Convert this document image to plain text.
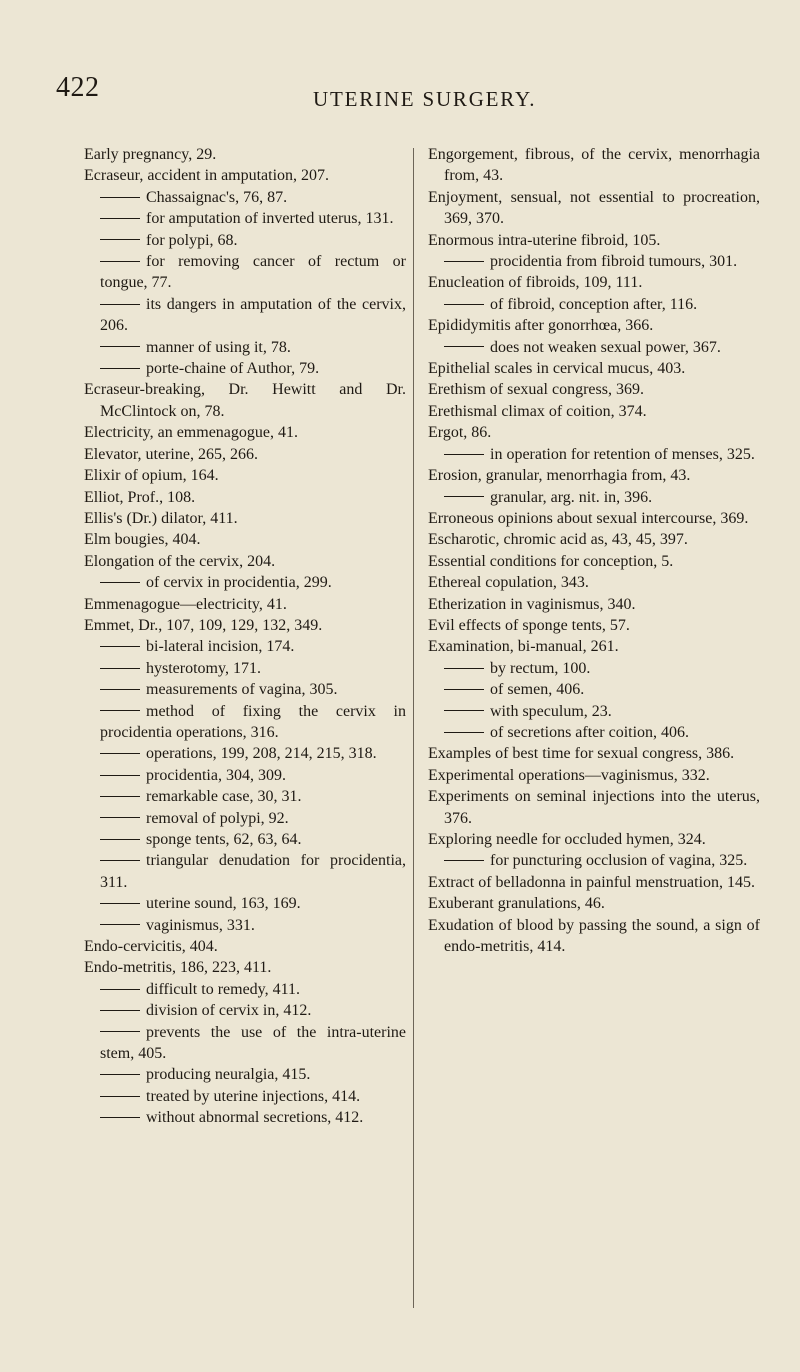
422	UTERINE SURGERY.
Early pregnancy, 29.
Ecraseur, accident in amputation, 207.
Chassaignac's, 76, 87.
for amputation of inverted uterus, 131.
for polypi, 68.
for removing cancer of rectum or tongue, 77.
its dangers in amputation of the cervix, 206.
manner of using it, 78.
porte-chaine of Author, 79.
Ecraseur-breaking, Dr. Hewitt and Dr. McClintock on, 78.
Electricity, an emmenagogue, 41.
Elevator, uterine, 265, 266.
Elixir of opium, 164.
Elliot, Prof., 108.
Ellis's (Dr.) dilator, 411.
Elm bougies, 404.
Elongation of the cervix, 204.
of cervix in procidentia, 299.
Emmenagogue—electricity, 41.
Emmet, Dr., 107, 109, 129, 132, 349.
bi-lateral incision, 174.
hysterotomy, 171.
measurements of vagina, 305.
method of fixing the cervix in procidentia operations, 316.
operations, 199, 208, 214, 215, 318.
procidentia, 304, 309.
remarkable case, 30, 31.
removal of polypi, 92.
sponge tents, 62, 63, 64.
triangular denudation for procidentia, 311.
uterine sound, 163, 169.
vaginismus, 331.
Endo-cervicitis, 404.
Endo-metritis, 186, 223, 411.
difficult to remedy, 411.
division of cervix in, 412.
prevents the use of the intra-uterine stem, 405.
producing neuralgia, 415.
treated by uterine injections, 414.
without abnormal secretions, 412.
Engorgement, fibrous, of the cervix, menorrhagia from, 43.
Enjoyment, sensual, not essential to procreation, 369, 370.
Enormous intra-uterine fibroid, 105.
procidentia from fibroid tumours, 301.
Enucleation of fibroids, 109, 111.
of fibroid, conception after, 116.
Epididymitis after gonorrhœa, 366.
does not weaken sexual power, 367.
Epithelial scales in cervical mucus, 403.
Erethism of sexual congress, 369.
Erethismal climax of coition, 374.
Ergot, 86.
in operation for retention of menses, 325.
Erosion, granular, menorrhagia from, 43.
granular, arg. nit. in, 396.
Erroneous opinions about sexual intercourse, 369.
Escharotic, chromic acid as, 43, 45, 397.
Essential conditions for conception, 5.
Ethereal copulation, 343.
Etherization in vaginismus, 340.
Evil effects of sponge tents, 57.
Examination, bi-manual, 261.
by rectum, 100.
of semen, 406.
with speculum, 23.
of secretions after coition, 406.
Examples of best time for sexual congress, 386.
Experimental operations—vaginismus, 332.
Experiments on seminal injections into the uterus, 376.
Exploring needle for occluded hymen, 324.
for puncturing occlusion of vagina, 325.
Extract of belladonna in painful menstruation, 145.
Exuberant granulations, 46.
Exudation of blood by passing the sound, a sign of endo-metritis, 414.
